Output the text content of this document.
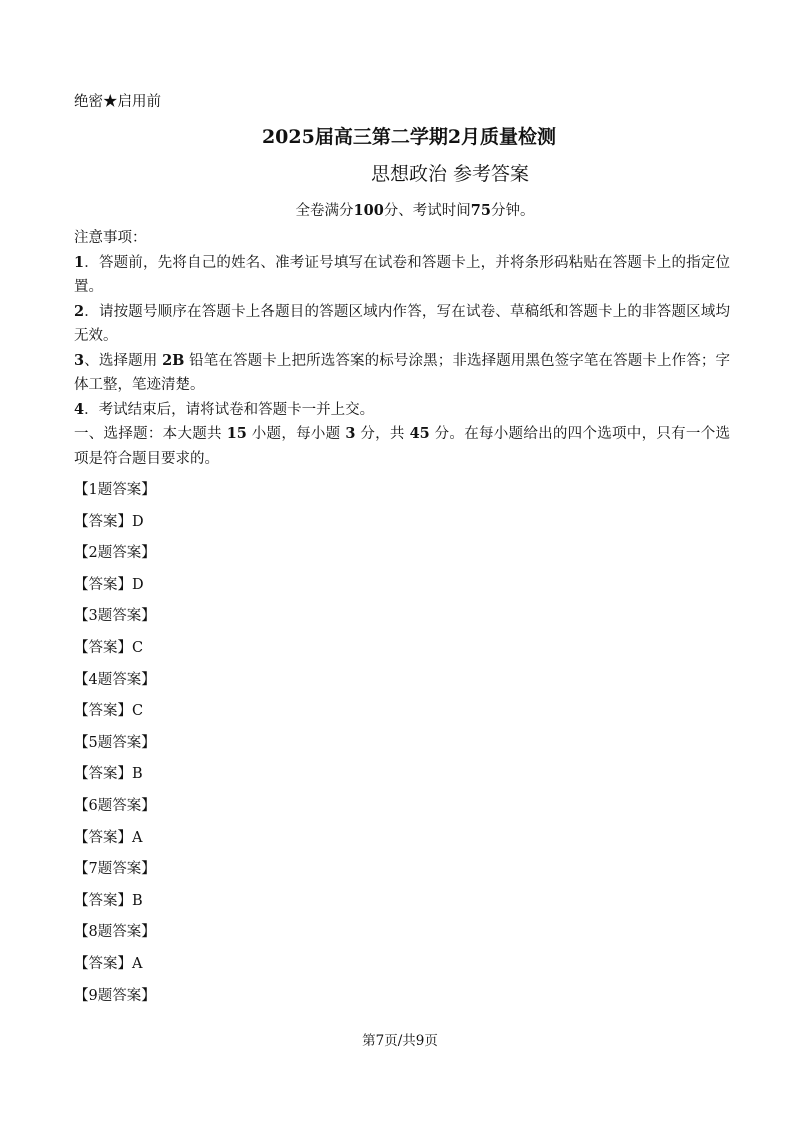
绝密★启用前
2025届高三第二学期2月质量检测
思想政治 参考答案
全卷满分100分、考试时间75分钟。

注意事项：

1．答题前，先将自己的姓名、准考证号填写在试卷和答题卡上，并将条形码粘贴在答题卡上的指定位置。

2．请按题号顺序在答题卡上各题目的答题区域内作答，写在试卷、草稿纸和答题卡上的非答题区域均无效。

3、选择题用 2B 铅笔在答题卡上把所选答案的标号涂黑；非选择题用黑色签字笔在答题卡上作答；字体工整，笔迹清楚。

4．考试结束后，请将试卷和答题卡一并上交。

一、选择题：本大题共 15 小题，每小题 3 分，共 45 分。在每小题给出的四个选项中，只有一个选项是符合题目要求的。

【1题答案】
【答案】D
【2题答案】
【答案】D
【3题答案】
【答案】C
【4题答案】
【答案】C
【5题答案】
【答案】B
【6题答案】
【答案】A
【7题答案】
【答案】B
【8题答案】
【答案】A
【9题答案】
第7页/共9页
